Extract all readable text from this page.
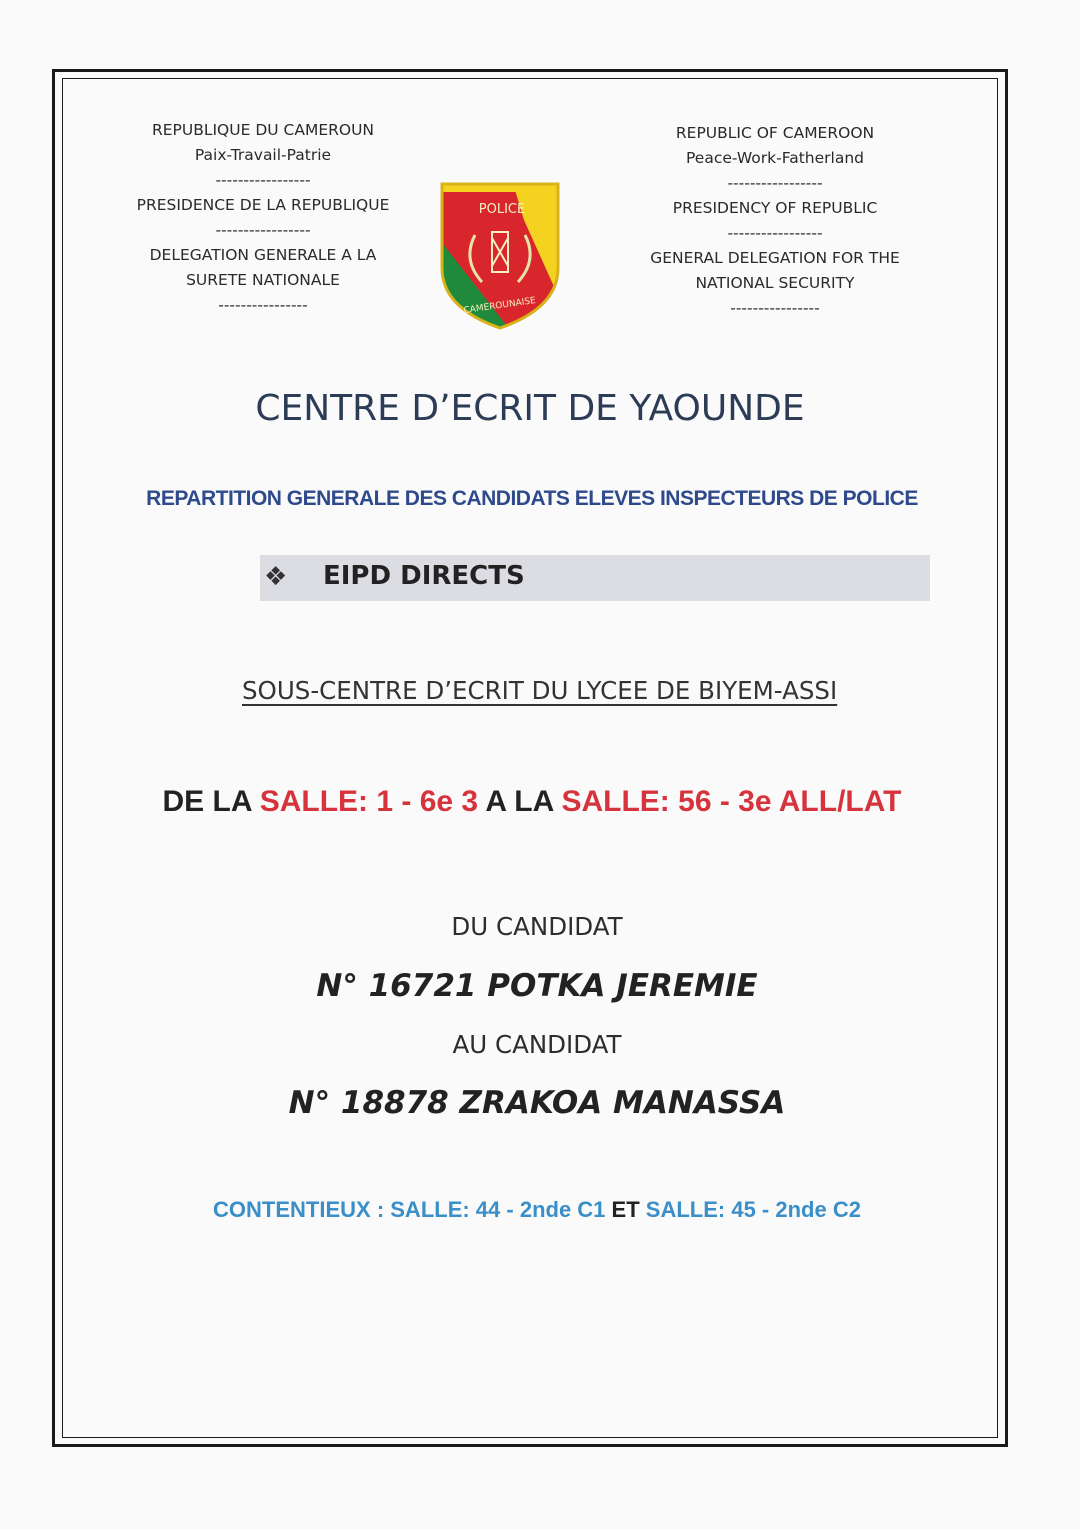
REPUBLIQUE DU CAMEROUN
Paix-Travail-Patrie
-----------------
PRESIDENCE DE LA REPUBLIQUE
-----------------
DELEGATION GENERALE A LA
SURETE NATIONALE
----------------
REPUBLIC OF CAMEROON
Peace-Work-Fatherland
-----------------
PRESIDENCY OF REPUBLIC
-----------------
GENERAL DELEGATION FOR THE
NATIONAL SECURITY
----------------
POLICE
CAMEROUNAISE
CENTRE D’ECRIT DE YAOUNDE
REPARTITION GENERALE DES CANDIDATS ELEVES INSPECTEURS DE POLICE
❖ EIPD DIRECTS
SOUS-CENTRE D’ECRIT DU LYCEE DE BIYEM-ASSI
DE LA SALLE: 1 - 6e 3 A LA SALLE: 56 - 3e ALL/LAT
DU CANDIDAT
N° 16721 POTKA JEREMIE
AU CANDIDAT
N° 18878 ZRAKOA MANASSA
CONTENTIEUX : SALLE: 44 - 2nde C1 ET SALLE: 45 - 2nde C2
